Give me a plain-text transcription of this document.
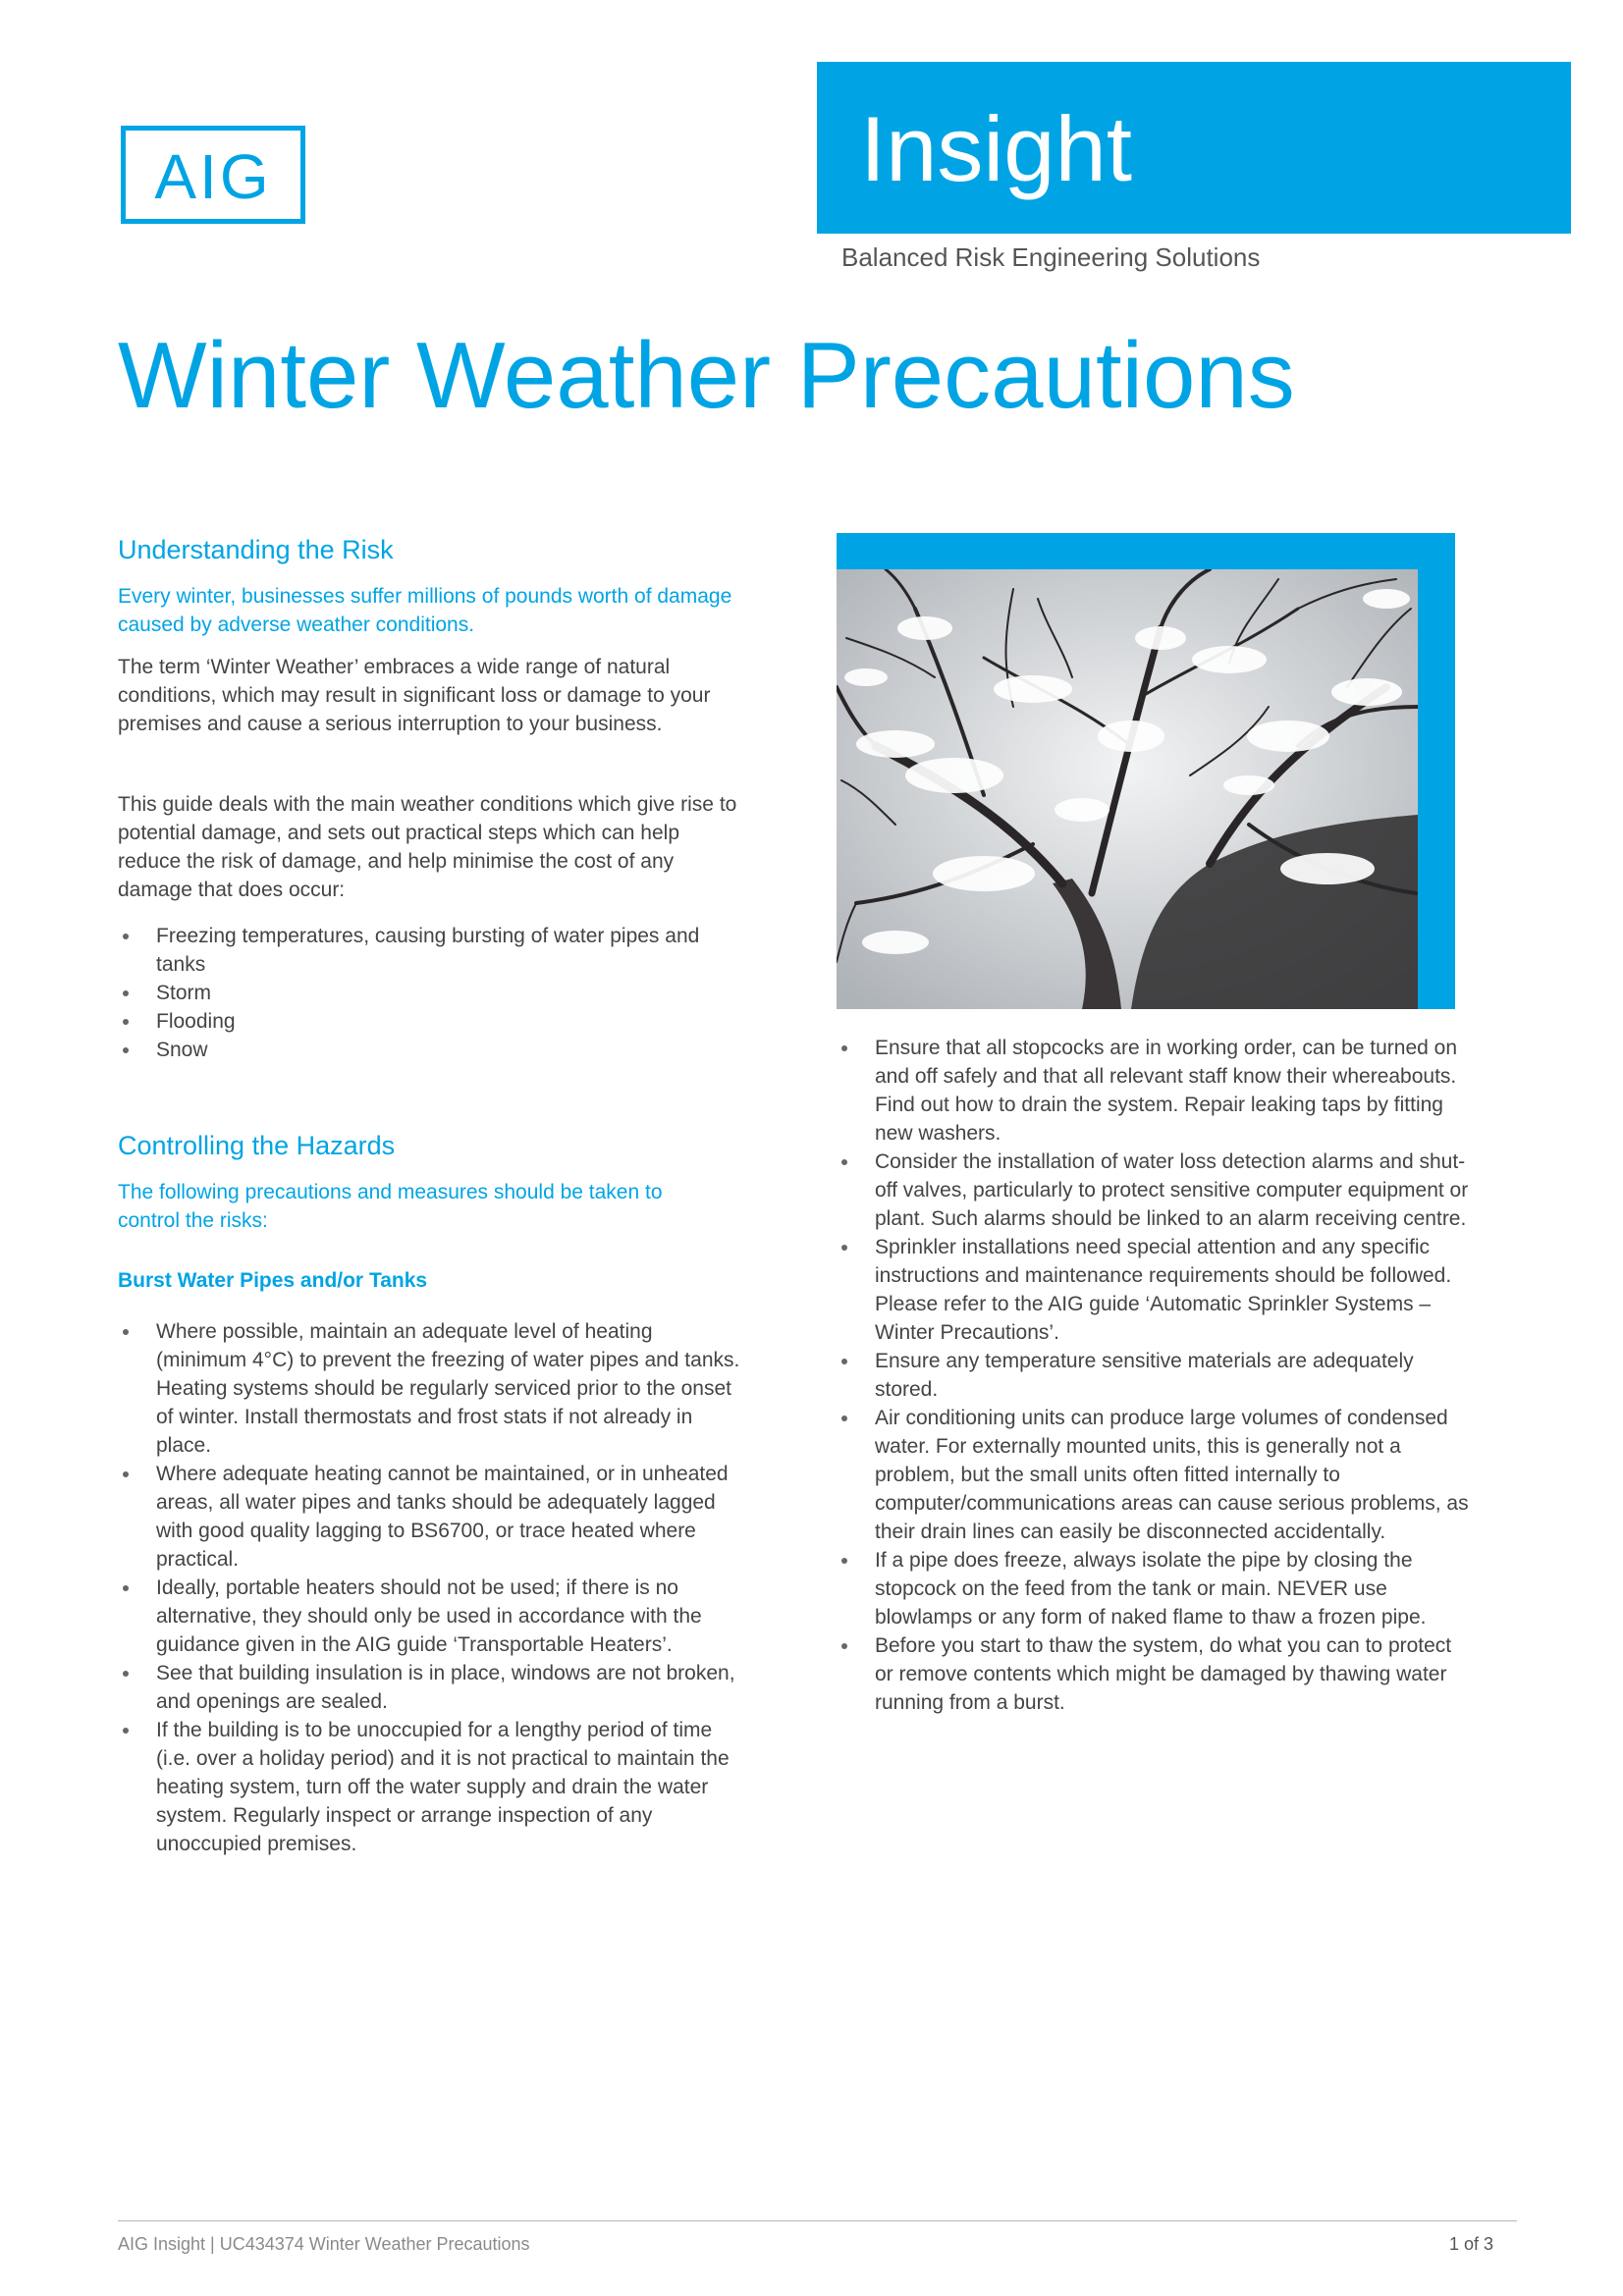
AIG	Insight
Balanced Risk Engineering Solutions
Winter Weather Precautions
Understanding the Risk

Every winter, businesses suffer millions of pounds worth of damage caused by adverse weather conditions.

The term ‘Winter Weather’ embraces a wide range of natural conditions, which may result in significant loss or damage to your premises and cause a serious interruption to your business.

This guide deals with the main weather conditions which give rise to potential damage, and sets out practical steps which can help reduce the risk of damage, and help minimise the cost of any damage that does occur:

Freezing temperatures, causing bursting of water pipes and tanks
Storm
Flooding
Snow
Controlling the Hazards

The following precautions and measures should be taken to control the risks:

Burst Water Pipes and/or Tanks
Where possible, maintain an adequate level of heating (minimum 4°C) to prevent the freezing of water pipes and tanks. Heating systems should be regularly serviced prior to the onset of winter. Install thermostats and frost stats if not already in place.
Where adequate heating cannot be maintained, or in unheated areas, all water pipes and tanks should be adequately lagged with good quality lagging to BS6700, or trace heated where practical.
Ideally, portable heaters should not be used; if there is no alternative, they should only be used in accordance with the guidance given in the AIG guide ‘Transportable Heaters’.
See that building insulation is in place, windows are not broken, and openings are sealed.
If the building is to be unoccupied for a lengthy period of time (i.e. over a holiday period) and it is not practical to maintain the heating system, turn off the water supply and drain the water system. Regularly inspect or arrange inspection of any unoccupied premises.
Ensure that all stopcocks are in working order, can be turned on and off safely and that all relevant staff know their whereabouts. Find out how to drain the system. Repair leaking taps by fitting new washers.
Consider the installation of water loss detection alarms and shut-off valves, particularly to protect sensitive computer equipment or plant. Such alarms should be linked to an alarm receiving centre.
Sprinkler installations need special attention and any specific instructions and maintenance requirements should be followed. Please refer to the AIG guide ‘Automatic Sprinkler Systems – Winter Precautions’.
Ensure any temperature sensitive materials are adequately stored.
Air conditioning units can produce large volumes of condensed water. For externally mounted units, this is generally not a problem, but the small units often fitted internally to computer/communications areas can cause serious problems, as their drain lines can easily be disconnected accidentally.
If a pipe does freeze, always isolate the pipe by closing the stopcock on the feed from the tank or main. NEVER use blowlamps or any form of naked flame to thaw a frozen pipe.
Before you start to thaw the system, do what you can to protect or remove contents which might be damaged by thawing water running from a burst.
AIG Insight | UC434374 Winter Weather Precautions	1 of 3
